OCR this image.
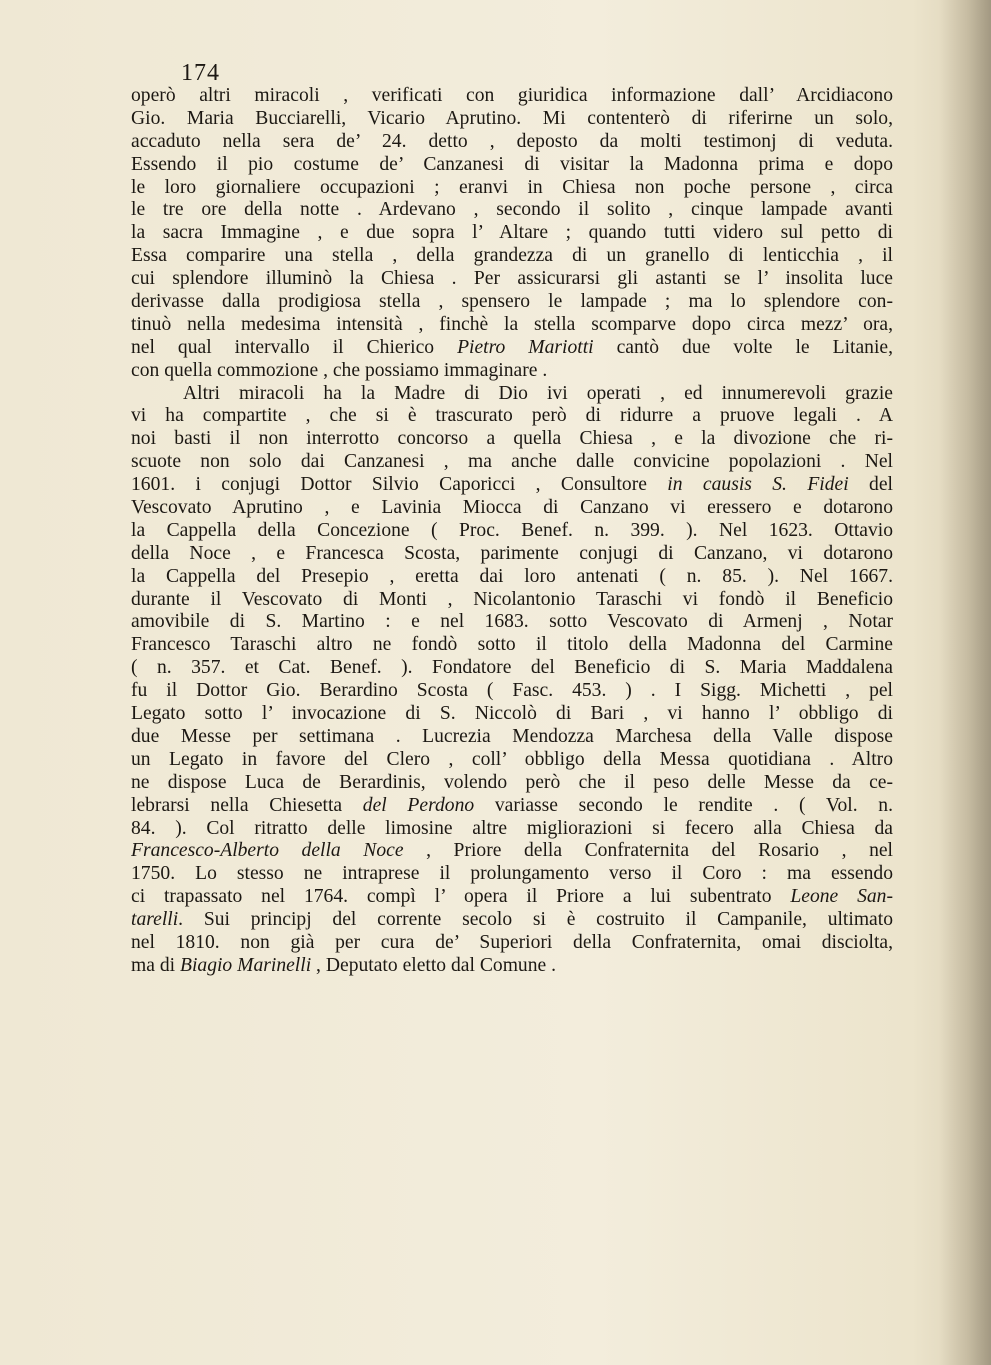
174
operò altri miracoli , verificati con giuridica informazione dall’ Arcidiacono
Gio. Maria Bucciarelli, Vicario Aprutino. Mi contenterò di riferirne un solo,
accaduto nella sera de’ 24. detto , deposto da molti testimonj di veduta.
Essendo il pio costume de’ Canzanesi di visitar la Madonna prima e dopo
le loro giornaliere occupazioni ; eranvi in Chiesa non poche persone , circa
le tre ore della notte . Ardevano , secondo il solito , cinque lampade avanti
la sacra Immagine , e due sopra l’ Altare ; quando tutti videro sul petto di
Essa comparire una stella , della grandezza di un granello di lenticchia , il
cui splendore illuminò la Chiesa . Per assicurarsi gli astanti se l’ insolita luce
derivasse dalla prodigiosa stella , spensero le lampade ; ma lo splendore con-
tinuò nella medesima intensità , finchè la stella scomparve dopo circa mezz’ ora,
nel qual intervallo il Chierico Pietro Mariotti cantò due volte le Litanie,
con quella commozione , che possiamo immaginare .
Altri miracoli ha la Madre di Dio ivi operati , ed innumerevoli grazie
vi ha compartite , che si è trascurato però di ridurre a pruove legali . A
noi basti il non interrotto concorso a quella Chiesa , e la divozione che ri-
scuote non solo dai Canzanesi , ma anche dalle convicine popolazioni . Nel
1601. i conjugi Dottor Silvio Caporicci , Consultore in causis S. Fidei del
Vescovato Aprutino , e Lavinia Miocca di Canzano vi eressero e dotarono
la Cappella della Concezione ( Proc. Benef. n. 399. ). Nel 1623. Ottavio
della Noce , e Francesca Scosta, parimente conjugi di Canzano, vi dotarono
la Cappella del Presepio , eretta dai loro antenati ( n. 85. ). Nel 1667.
durante il Vescovato di Monti , Nicolantonio Taraschi vi fondò il Beneficio
amovibile di S. Martino : e nel 1683. sotto Vescovato di Armenj , Notar
Francesco Taraschi altro ne fondò sotto il titolo della Madonna del Carmine
( n. 357. et Cat. Benef. ). Fondatore del Beneficio di S. Maria Maddalena
fu il Dottor Gio. Berardino Scosta ( Fasc. 453. ) . I Sigg. Michetti , pel
Legato sotto l’ invocazione di S. Niccolò di Bari , vi hanno l’ obbligo di
due Messe per settimana . Lucrezia Mendozza Marchesa della Valle dispose
un Legato in favore del Clero , coll’ obbligo della Messa quotidiana . Altro
ne dispose Luca de Berardinis, volendo però che il peso delle Messe da ce-
lebrarsi nella Chiesetta del Perdono variasse secondo le rendite . ( Vol. n.
84. ). Col ritratto delle limosine altre migliorazioni si fecero alla Chiesa da
Francesco-Alberto della Noce , Priore della Confraternita del Rosario , nel
1750. Lo stesso ne intraprese il prolungamento verso il Coro : ma essendo
ci trapassato nel 1764. compì l’ opera il Priore a lui subentrato Leone San-
tarelli. Sui principj del corrente secolo si è costruito il Campanile, ultimato
nel 1810. non già per cura de’ Superiori della Confraternita, omai disciolta,
ma di Biagio Marinelli , Deputato eletto dal Comune .
